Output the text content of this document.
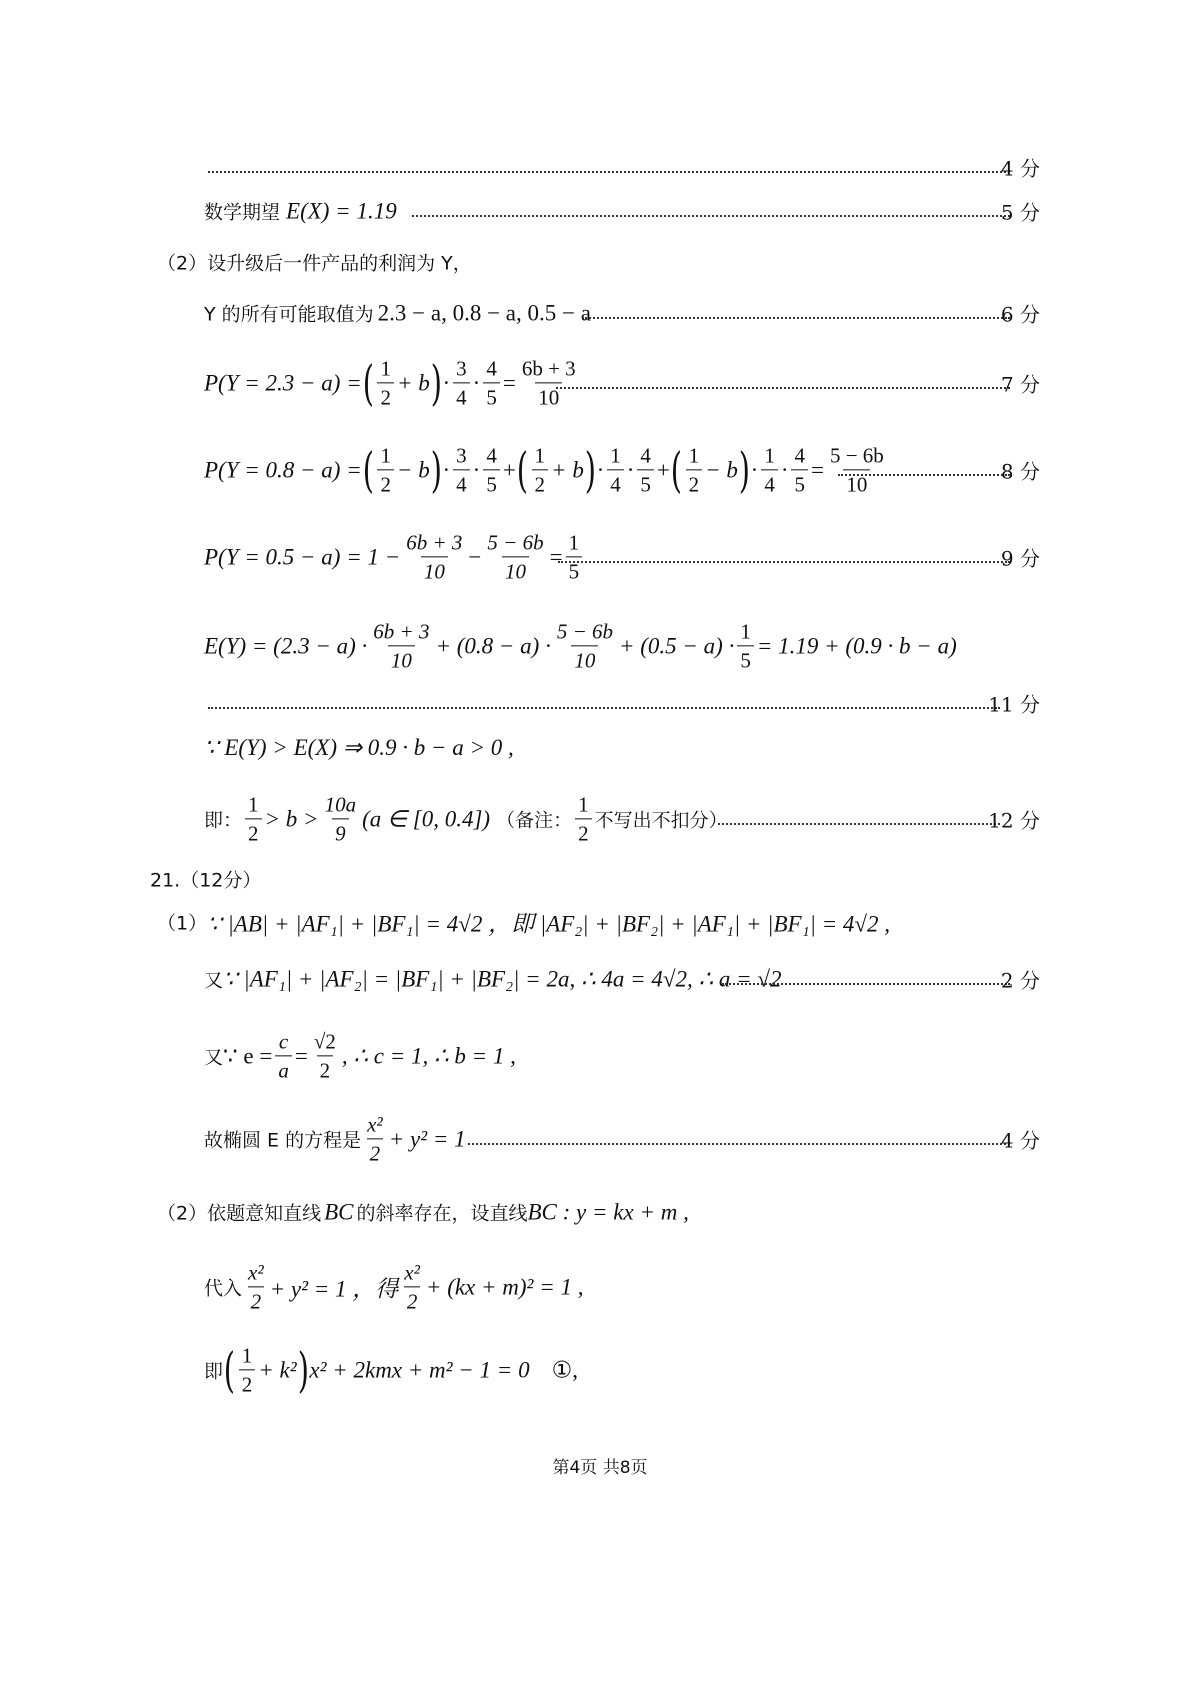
4 分
数学期望 E(X) = 1.19	5 分
（2）设升级后一件产品的利润为 Y，
Y 的所有可能取值为 2.3 − a, 0.8 − a, 0.5 − a	6 分
P(Y = 2.3 − a) = ( $\frac{1}{2} + b$ ) · $\frac{3}{4} \cdot \frac{4}{5} = \frac{6b + 3}{10}$	7 分
P(Y = 0.8 − a) = ( $\frac{1}{2} - b$ ) · $\frac{3}{4} \cdot \frac{4}{5}$ + ( $\frac{1}{2} + b$ ) · $\frac{1}{4} \cdot \frac{4}{5}$ + ( $\frac{1}{2} - b$ ) · $\frac{1}{4} \cdot \frac{4}{5} = \frac{5 - 6b}{10}$	8 分
$P(Y = 0.5 - a) = 1 - \frac{6b + 3}{10} - \frac{5 - 6b}{10} = \frac{1}{5}$	9 分
$E(Y) = (2.3 - a) \cdot \frac{6b + 3}{10} + (0.8 - a) \cdot \frac{5 - 6b}{10} + (0.5 - a) \cdot \frac{1}{5} = 1.19 + (0.9 \cdot b - a)$
11 分
∵ E(Y) > E(X) ⇒ 0.9 · b − a > 0 ,
即： $\frac{1}{2} > b > \frac{10a}{9} (a$ ∈ [0, 0.4]) （备注： $\frac{1}{2}$ 不写出不扣分）	12 分
21.（12分）
（1） ∵ |AB| + |AF₁| + |BF₁| = 4√2 ，即 |AF₂| + |BF₂| + |AF₁| + |BF₁| = 4√2 ,
又 ∵ |AF₁| + |AF₂| = |BF₁| + |BF₂| = 2a, ∴ 4a = 4√2, ∴ a = √2	2 分
又 ∵ $e = \frac{c}{a} = \frac{√2}{2}$ , ∴ c = 1, ∴ b = 1 ,
故椭圆 E 的方程是 $\frac{\text{x²}}{2} + y^2 = 1$	4 分
（2）依题意知直线 BC 的斜率存在，设直线 BC : y = kx + m ,
代入 $\frac{\text{x²}}{2} + y^2 = 1$ ，得 $\frac{\text{x²}}{2} + (kx + m)^2 = 1$ ,
即 ( $\frac{1}{2} + k^2$ ) x² + 2kmx + m² − 1 = 0 ①,
第4页 共8页
